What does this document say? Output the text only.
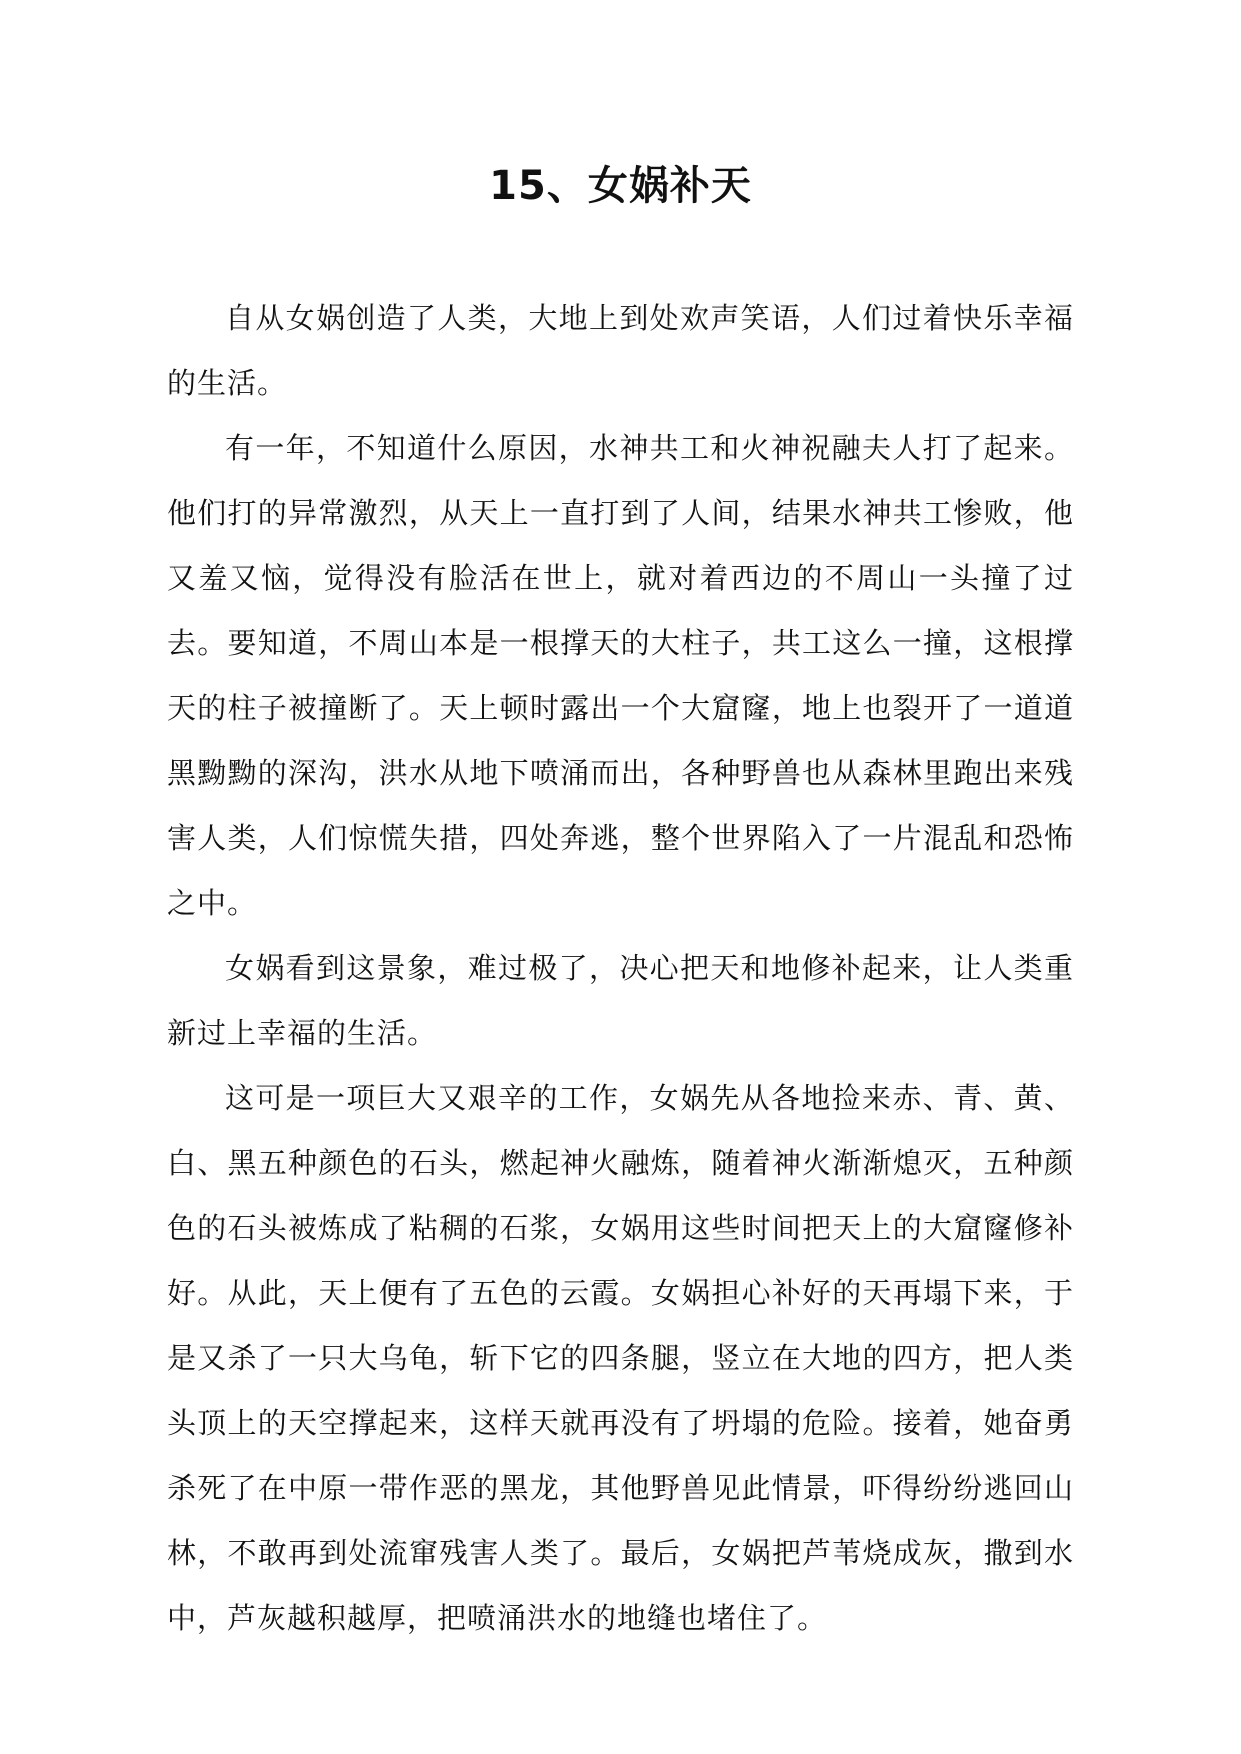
15、女娲补天

自从女娲创造了人类，大地上到处欢声笑语，人们过着快乐幸福的生活。

有一年，不知道什么原因，水神共工和火神祝融夫人打了起来。他们打的异常激烈，从天上一直打到了人间，结果水神共工惨败，他又羞又恼，觉得没有脸活在世上，就对着西边的不周山一头撞了过去。要知道，不周山本是一根撑天的大柱子，共工这么一撞，这根撑天的柱子被撞断了。天上顿时露出一个大窟窿，地上也裂开了一道道黑黝黝的深沟，洪水从地下喷涌而出，各种野兽也从森林里跑出来残害人类，人们惊慌失措，四处奔逃，整个世界陷入了一片混乱和恐怖之中。

女娲看到这景象，难过极了，决心把天和地修补起来，让人类重新过上幸福的生活。

这可是一项巨大又艰辛的工作，女娲先从各地捡来赤、青、黄、白、黑五种颜色的石头，燃起神火融炼，随着神火渐渐熄灭，五种颜色的石头被炼成了粘稠的石浆，女娲用这些时间把天上的大窟窿修补好。从此，天上便有了五色的云霞。女娲担心补好的天再塌下来，于是又杀了一只大乌龟，斩下它的四条腿，竖立在大地的四方，把人类头顶上的天空撑起来，这样天就再没有了坍塌的危险。接着，她奋勇杀死了在中原一带作恶的黑龙，其他野兽见此情景，吓得纷纷逃回山林，不敢再到处流窜残害人类了。最后，女娲把芦苇烧成灰，撒到水中，芦灰越积越厚，把喷涌洪水的地缝也堵住了。
